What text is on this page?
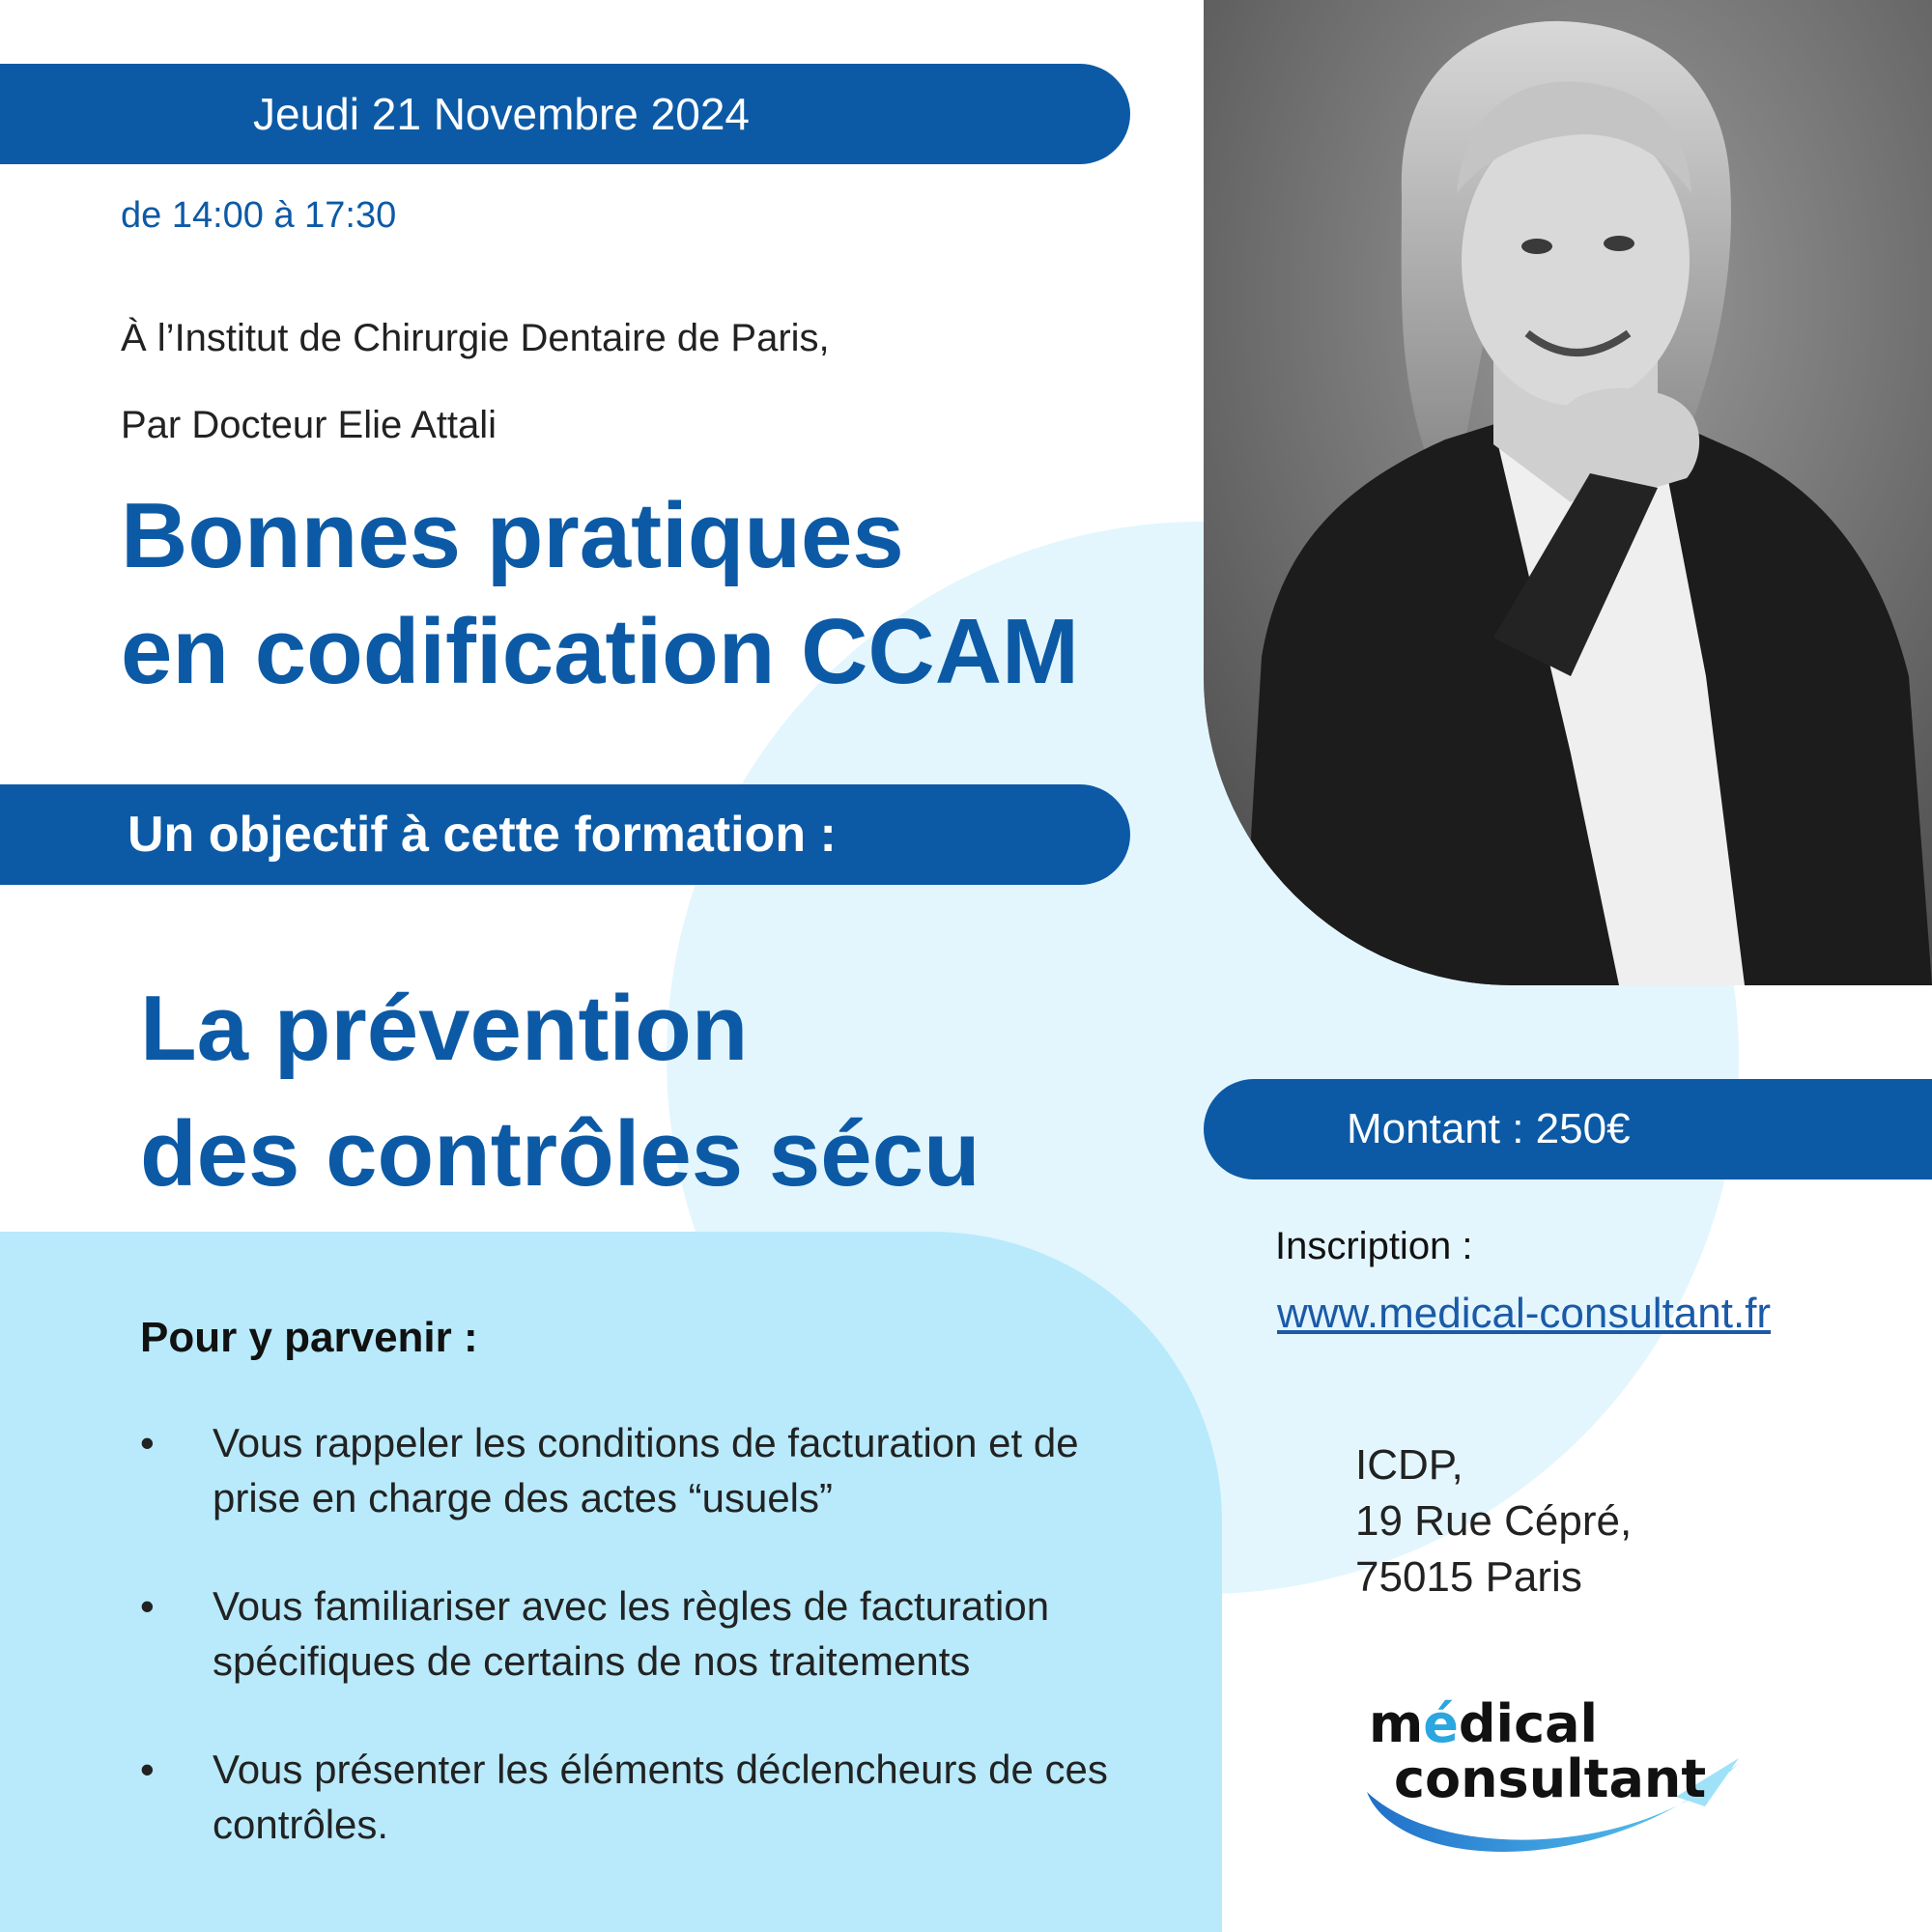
Jeudi 21 Novembre 2024

de 14:00 à 17:30

À l’Institut de Chirurgie Dentaire de Paris,
Par Docteur Elie Attali

Bonnes pratiques
en codification CCAM
Un objectif à cette formation :
La prévention
des contrôles sécu

Pour y parvenir :

• Vous rappeler les conditions de facturation et de prise en charge des actes “usuels”
• Vous familiariser avec les règles de facturation spécifiques de certains de nos traitements
• Vous présenter les éléments déclencheurs de ces contrôles.
Montant : 250€

Inscription :

www.medical-consultant.fr

ICDP,
19 Rue Cépré,
75015 Paris

médical
consultant
